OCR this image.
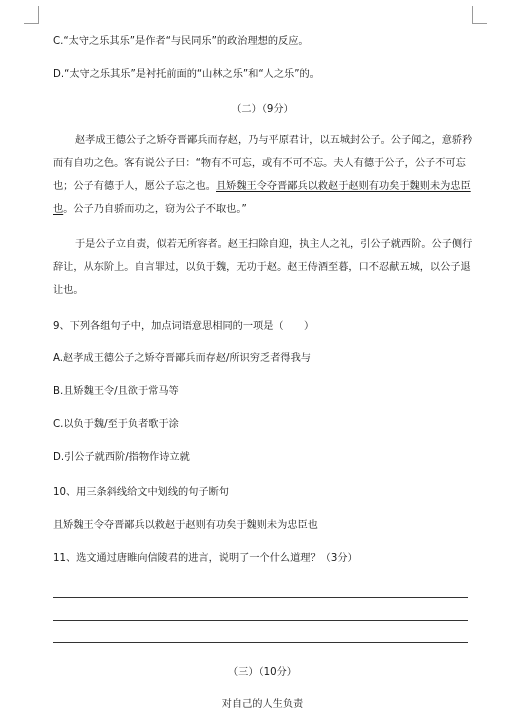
C.“太守之乐其乐”是作者“与民同乐”的政治理想的反应。
D.“太守之乐其乐”是衬托前面的“山林之乐”和“人之乐”的。
（二）（9分）
赵孝成王德公子之矫夺晋鄙兵而存赵，乃与平原君计，以五城封公子。公子闻之，意骄矜而有自功之色。客有说公子曰：“物有不可忘，或有不可不忘。夫人有德于公子，公子不可忘也；公子有德于人，愿公子忘之也。且矫魏王令夺晋鄙兵以救赵于赵则有功矣于魏则未为忠臣也。公子乃自骄而功之，窃为公子不取也。”
于是公子立自责，似若无所容者。赵王扫除自迎，执主人之礼，引公子就西阶。公子侧行辞让，从东阶上。自言罪过，以负于魏，无功于赵。赵王侍酒至暮，口不忍献五城，以公子退让也。
9、下列各组句子中，加点词语意思相同的一项是（　　）
A.赵孝成王德公子之矫夺晋鄙兵而存赵/所识穷乏者得我与
B.且矫魏王令/且欲于常马等
C.以负于魏/至于负者歌于涂
D.引公子就西阶/指物作诗立就
10、用三条斜线给文中划线的句子断句
且矫魏王令夺晋鄙兵以救赵于赵则有功矣于魏则未为忠臣也
11、选文通过唐睢向信陵君的进言，说明了一个什么道理？（3分）
（三）（10分）
对自己的人生负责
